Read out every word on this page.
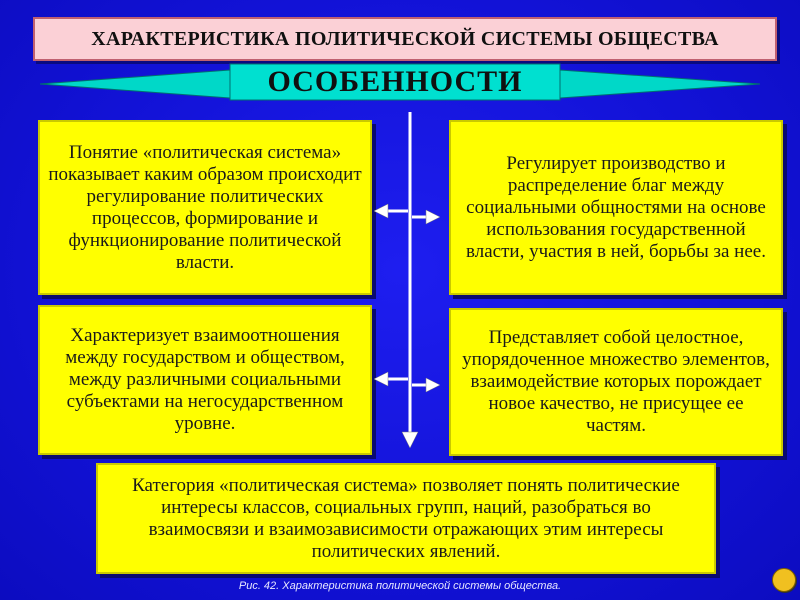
ХАРАКТЕРИСТИКА ПОЛИТИЧЕСКОЙ СИСТЕМЫ ОБЩЕСТВА
ОСОБЕННОСТИ
Понятие «политическая система» показывает каким образом происходит регулирование политических процессов, формирование и функционирование политической власти.
Регулирует производство и распределение благ между социальными общностями на основе использования государственной власти, участия в ней, борьбы за нее.
Характеризует взаимоотношения между государством и обществом, между различными социальными субъектами на негосударственном уровне.
Представляет собой целостное, упорядоченное множество элементов, взаимодействие которых порождает новое качество, не присущее ее частям.
Категория «политическая система» позволяет понять политические интересы классов, социальных групп, наций, разобраться во взаимосвязи и взаимозависимости отражающих этим интересы политических явлений.
Рис. 42. Характеристика политической системы общества.
